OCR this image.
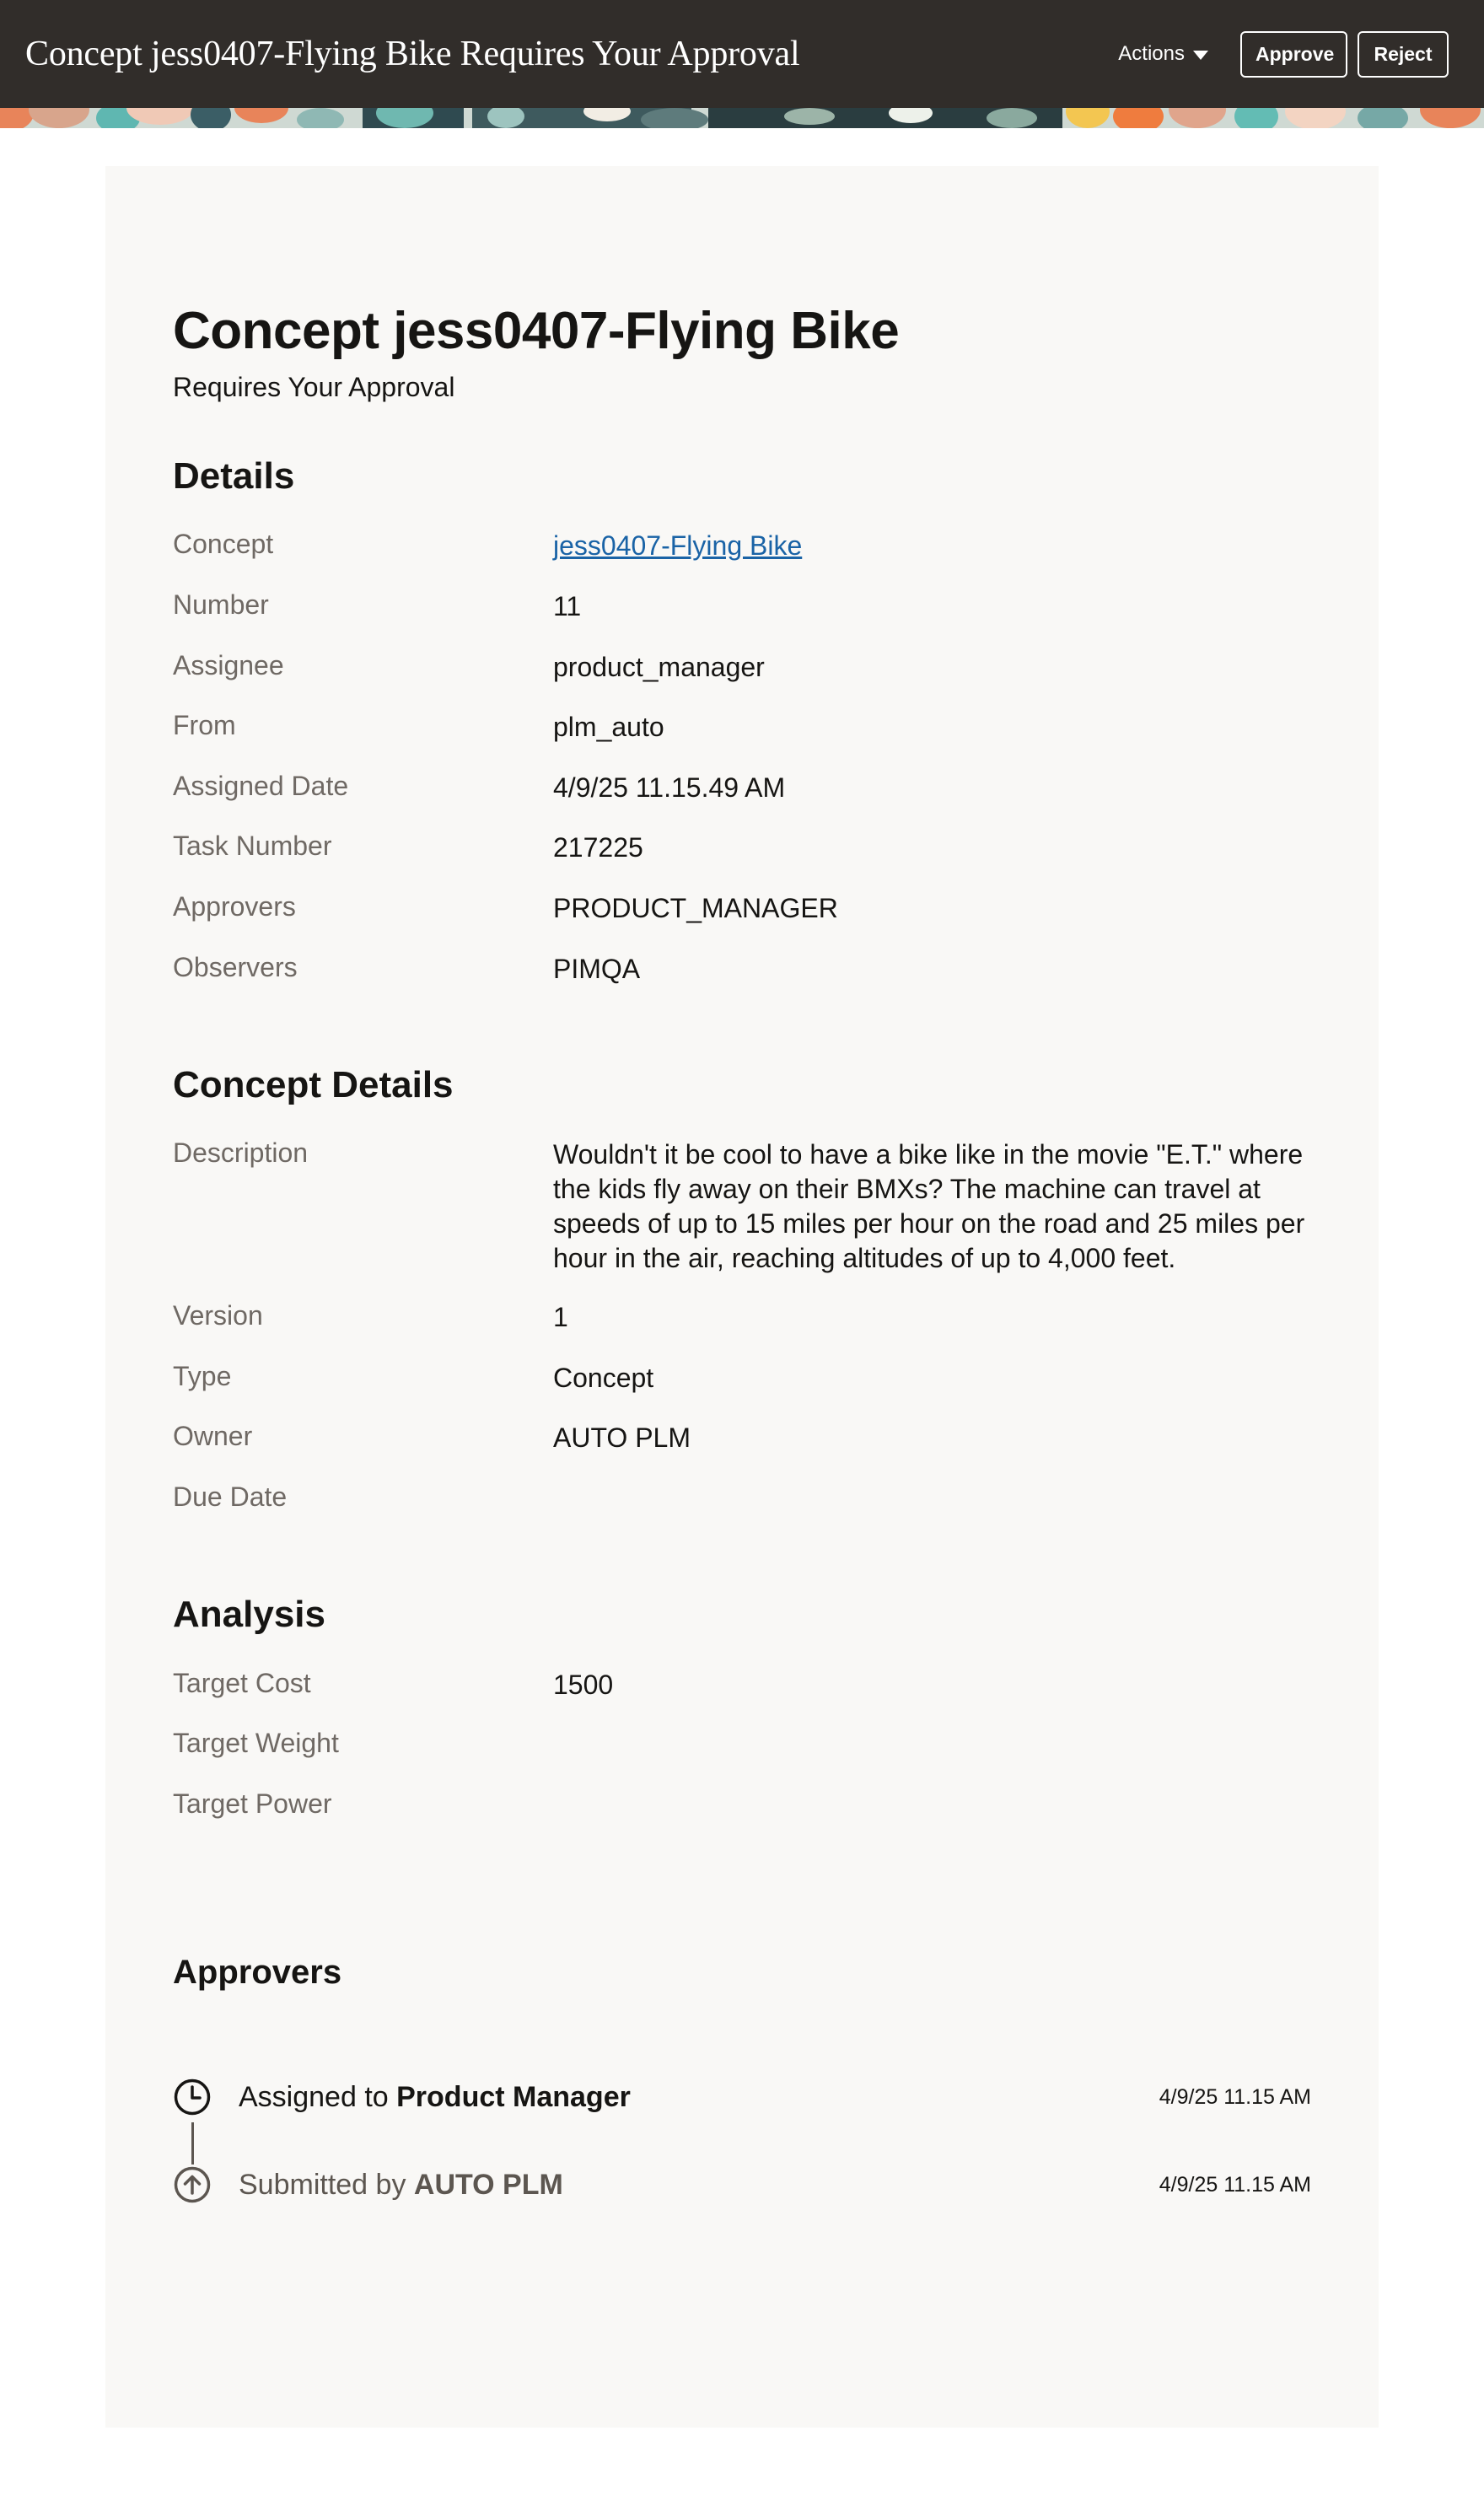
Concept jess0407-Flying Bike Requires Your Approval	Actions	Approve	Reject
Concept jess0407-Flying Bike
Requires Your Approval
Details
Concept	jess0407-Flying Bike
Number	11
Assignee	product_manager
From	plm_auto
Assigned Date	4/9/25 11.15.49 AM
Task Number	217225
Approvers	PRODUCT_MANAGER
Observers	PIMQA
Concept Details
Description	Wouldn't it be cool to have a bike like in the movie "E.T." where the kids fly away on their BMXs? The machine can travel at speeds of up to 15 miles per hour on the road and 25 miles per hour in the air, reaching altitudes of up to 4,000 feet.
Version	1
Type	Concept
Owner	AUTO PLM
Due Date
Analysis
Target Cost	1500
Target Weight
Target Power
Approvers
Assigned to Product Manager	4/9/25 11.15 AM
Submitted by AUTO PLM	4/9/25 11.15 AM
